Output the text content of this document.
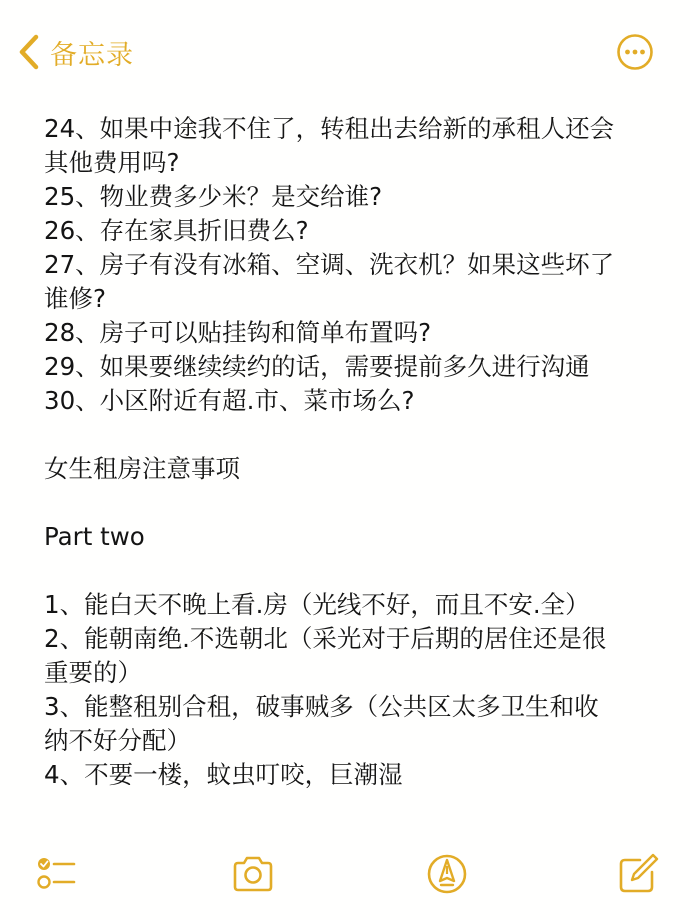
备忘录
24、如果中途我不住了，转租出去给新的承租人还会
其他费用吗?
25、物业费多少米？是交给谁?
26、存在家具折旧费么?
27、房子有没有冰箱、空调、洗衣机？如果这些坏了
谁修?
28、房子可以贴挂钩和简单布置吗?
29、如果要继续续约的话，需要提前多久进行沟通
30、小区附近有超.市、菜市场么?
女生租房注意事项
Part two
1、能白天不晚上看.房（光线不好，而且不安.全）
2、能朝南绝.不选朝北（采光对于后期的居住还是很
重要的）
3、能整租别合租，破事贼多（公共区太多卫生和收
纳不好分配）
4、不要一楼，蚊虫叮咬，巨潮湿
